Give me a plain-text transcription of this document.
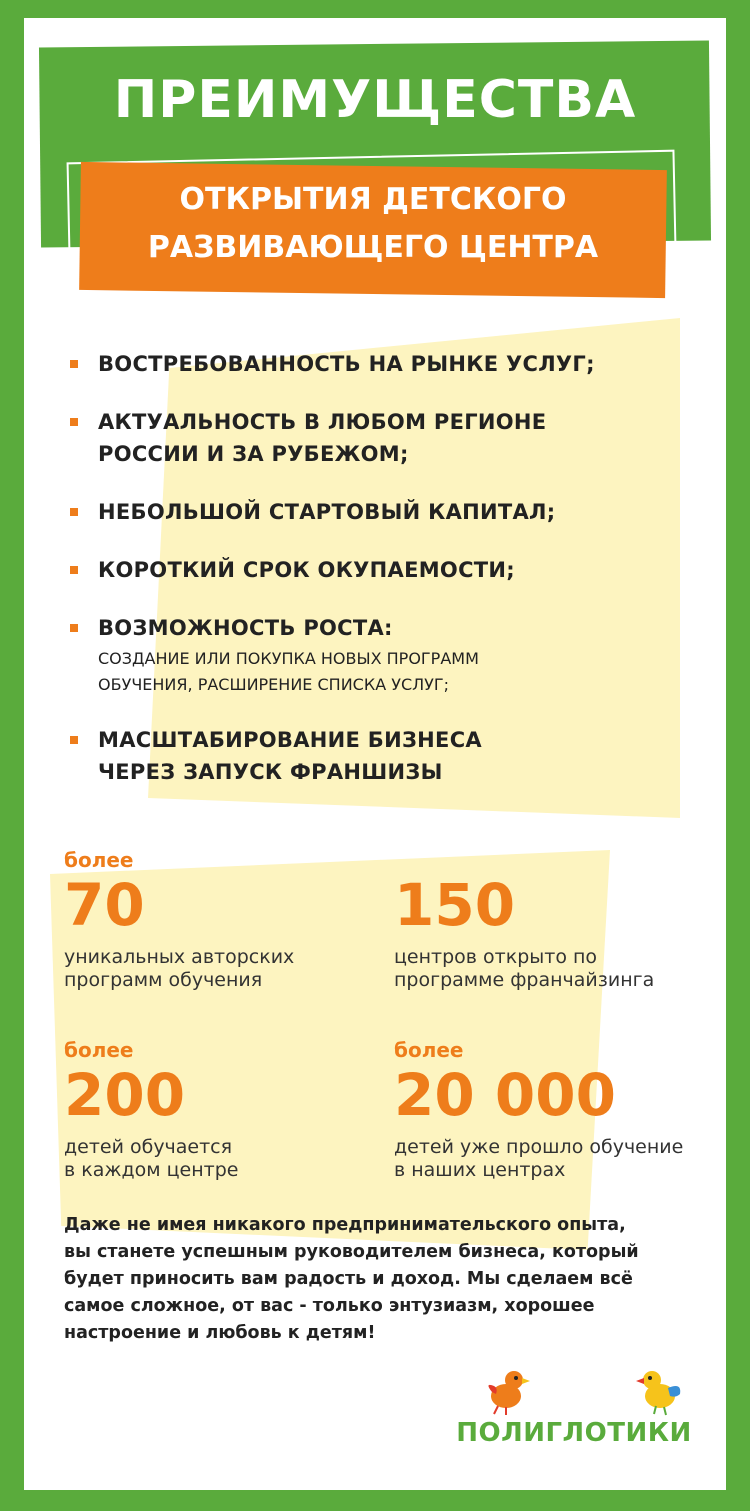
ПРЕИМУЩЕСТВА
ОТКРЫТИЯ ДЕТСКОГО
РАЗВИВАЮЩЕГО ЦЕНТРА
ВОСТРЕБОВАННОСТЬ НА РЫНКЕ УСЛУГ;
АКТУАЛЬНОСТЬ В ЛЮБОМ РЕГИОНЕ
РОССИИ И ЗА РУБЕЖОМ;
НЕБОЛЬШОЙ СТАРТОВЫЙ КАПИТАЛ;
КОРОТКИЙ СРОК ОКУПАЕМОСТИ;
ВОЗМОЖНОСТЬ РОСТА:
СОЗДАНИЕ ИЛИ ПОКУПКА НОВЫХ ПРОГРАММ
ОБУЧЕНИЯ, РАСШИРЕНИЕ СПИСКА УСЛУГ;
МАСШТАБИРОВАНИЕ БИЗНЕСА
ЧЕРЕЗ ЗАПУСК ФРАНШИЗЫ
более
70
уникальных авторских
программ обучения
150
центров открыто по
программе франчайзинга
более
200
детей обучается
в каждом центре
более
20 000
детей уже прошло обучение
в наших центрах
Даже не имея никакого предпринимательского опыта,
вы станете успешным руководителем бизнеса, который
будет приносить вам радость и доход. Мы сделаем всё
самое сложное, от вас - только энтузиазм, хорошее
настроение и любовь к детям!
ПОЛИГЛОТИКИ
